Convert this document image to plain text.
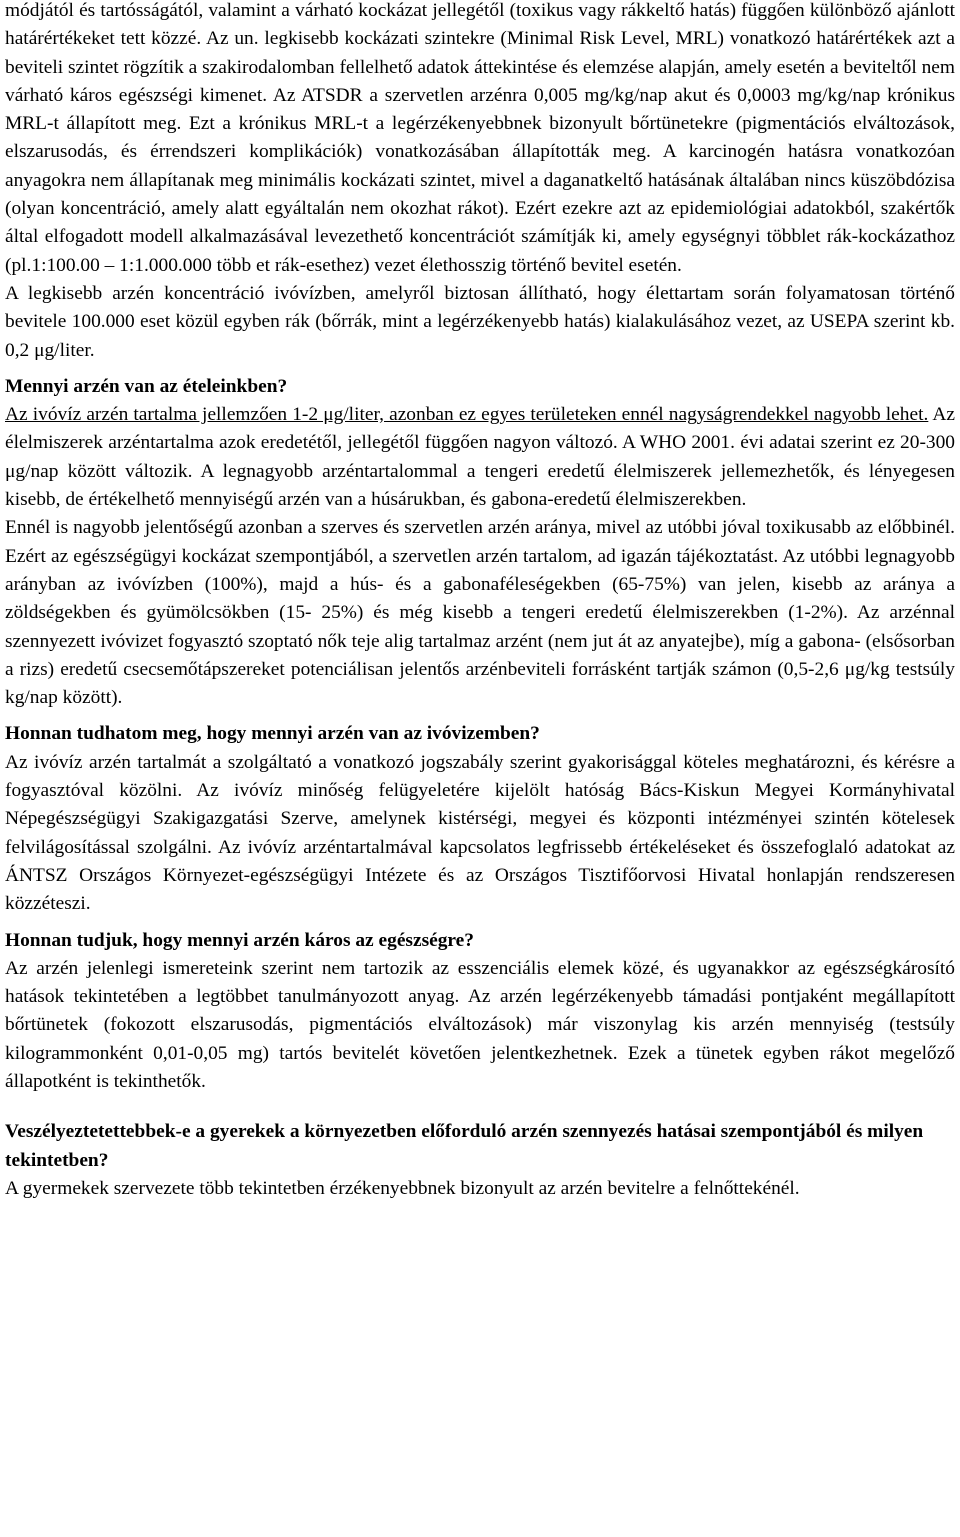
módjától és tartósságától, valamint a várható kockázat jellegétől (toxikus vagy rákkeltő hatás) függően különböző ajánlott határértékeket tett közzé. Az un. legkisebb kockázati szintekre (Minimal Risk Level, MRL) vonatkozó határértékek azt a beviteli szintet rögzítik a szakirodalomban fellelhető adatok áttekintése és elemzése alapján, amely esetén a beviteltől nem várható káros egészségi kimenet. Az ATSDR a szervetlen arzénra 0,005 mg/kg/nap akut és 0,0003 mg/kg/nap krónikus MRL-t állapított meg. Ezt a krónikus MRL-t a legérzékenyebbnek bizonyult bőrtünetekre (pigmentációs elváltozások, elszarusodás, és érrendszeri komplikációk) vonatkozásában állapították meg. A karcinogén hatásra vonatkozóan anyagokra nem állapítanak meg minimális kockázati szintet, mivel a daganatkeltő hatásának általában nincs küszöbdózisa (olyan koncentráció, amely alatt egyáltalán nem okozhat rákot). Ezért ezekre azt az epidemiológiai adatokból, szakértők által elfogadott modell alkalmazásával levezethető koncentrációt számítják ki, amely egységnyi többlet rák-kockázathoz (pl.1:100.00 – 1:1.000.000 több et rák-esethez) vezet élethosszig történő bevitel esetén.

A legkisebb arzén koncentráció ivóvízben, amelyről biztosan állítható, hogy élettartam során folyamatosan történő bevitele 100.000 eset közül egyben rák (bőrrák, mint a legérzékenyebb hatás) kialakulásához vezet, az USEPA szerint kb. 0,2 μg/liter.

Mennyi arzén van az ételeinkben?

Az ivóvíz arzén tartalma jellemzően 1-2 μg/liter, azonban ez egyes területeken ennél nagyságrendekkel nagyobb lehet. Az élelmiszerek arzéntartalma azok eredetétől, jellegétől függően nagyon változó. A WHO 2001. évi adatai szerint ez 20-300 μg/nap között változik. A legnagyobb arzéntartalommal a tengeri eredetű élelmiszerek jellemezhetők, és lényegesen kisebb, de értékelhető mennyiségű arzén van a húsárukban, és gabona-eredetű élelmiszerekben.

Ennél is nagyobb jelentőségű azonban a szerves és szervetlen arzén aránya, mivel az utóbbi jóval toxikusabb az előbbinél. Ezért az egészségügyi kockázat szempontjából, a szervetlen arzén tartalom, ad igazán tájékoztatást. Az utóbbi legnagyobb arányban az ivóvízben (100%), majd a hús- és a gabonaféleségekben (65-75%) van jelen, kisebb az aránya a zöldségekben és gyümölcsökben (15- 25%) és még kisebb a tengeri eredetű élelmiszerekben (1-2%). Az arzénnal szennyezett ivóvizet fogyasztó szoptató nők teje alig tartalmaz arzént (nem jut át az anyatejbe), míg a gabona- (elsősorban a rizs) eredetű csecsemőtápszereket potenciálisan jelentős arzénbeviteli forrásként tartják számon (0,5-2,6 μg/kg testsúly kg/nap között).

Honnan tudhatom meg, hogy mennyi arzén van az ivóvizemben?

Az ivóvíz arzén tartalmát a szolgáltató a vonatkozó jogszabály szerint gyakorisággal köteles meghatározni, és kérésre a fogyasztóval közölni. Az ivóvíz minőség felügyeletére kijelölt hatóság Bács-Kiskun Megyei Kormányhivatal Népegészségügyi Szakigazgatási Szerve, amelynek kistérségi, megyei és központi intézményei szintén kötelesek felvilágosítással szolgálni. Az ivóvíz arzéntartalmával kapcsolatos legfrissebb értékeléseket és összefoglaló adatokat az ÁNTSZ Országos Környezet-egészségügyi Intézete és az Országos Tisztifőorvosi Hivatal honlapján rendszeresen közzéteszi.

Honnan tudjuk, hogy mennyi arzén káros az egészségre?

Az arzén jelenlegi ismereteink szerint nem tartozik az esszenciális elemek közé, és ugyanakkor az egészségkárosító hatások tekintetében a legtöbbet tanulmányozott anyag. Az arzén legérzékenyebb támadási pontjaként megállapított bőrtünetek (fokozott elszarusodás, pigmentációs elváltozások) már viszonylag kis arzén mennyiség (testsúly kilogrammonként 0,01-0,05 mg) tartós bevitelét követően jelentkezhetnek. Ezek a tünetek egyben rákot megelőző állapotként is tekinthetők.

Veszélyeztetettebbek-e a gyerekek a környezetben előforduló arzén szennyezés hatásai szempontjából és milyen tekintetben?

A gyermekek szervezete több tekintetben érzékenyebbnek bizonyult az arzén bevitelre a felnőttekénél.
